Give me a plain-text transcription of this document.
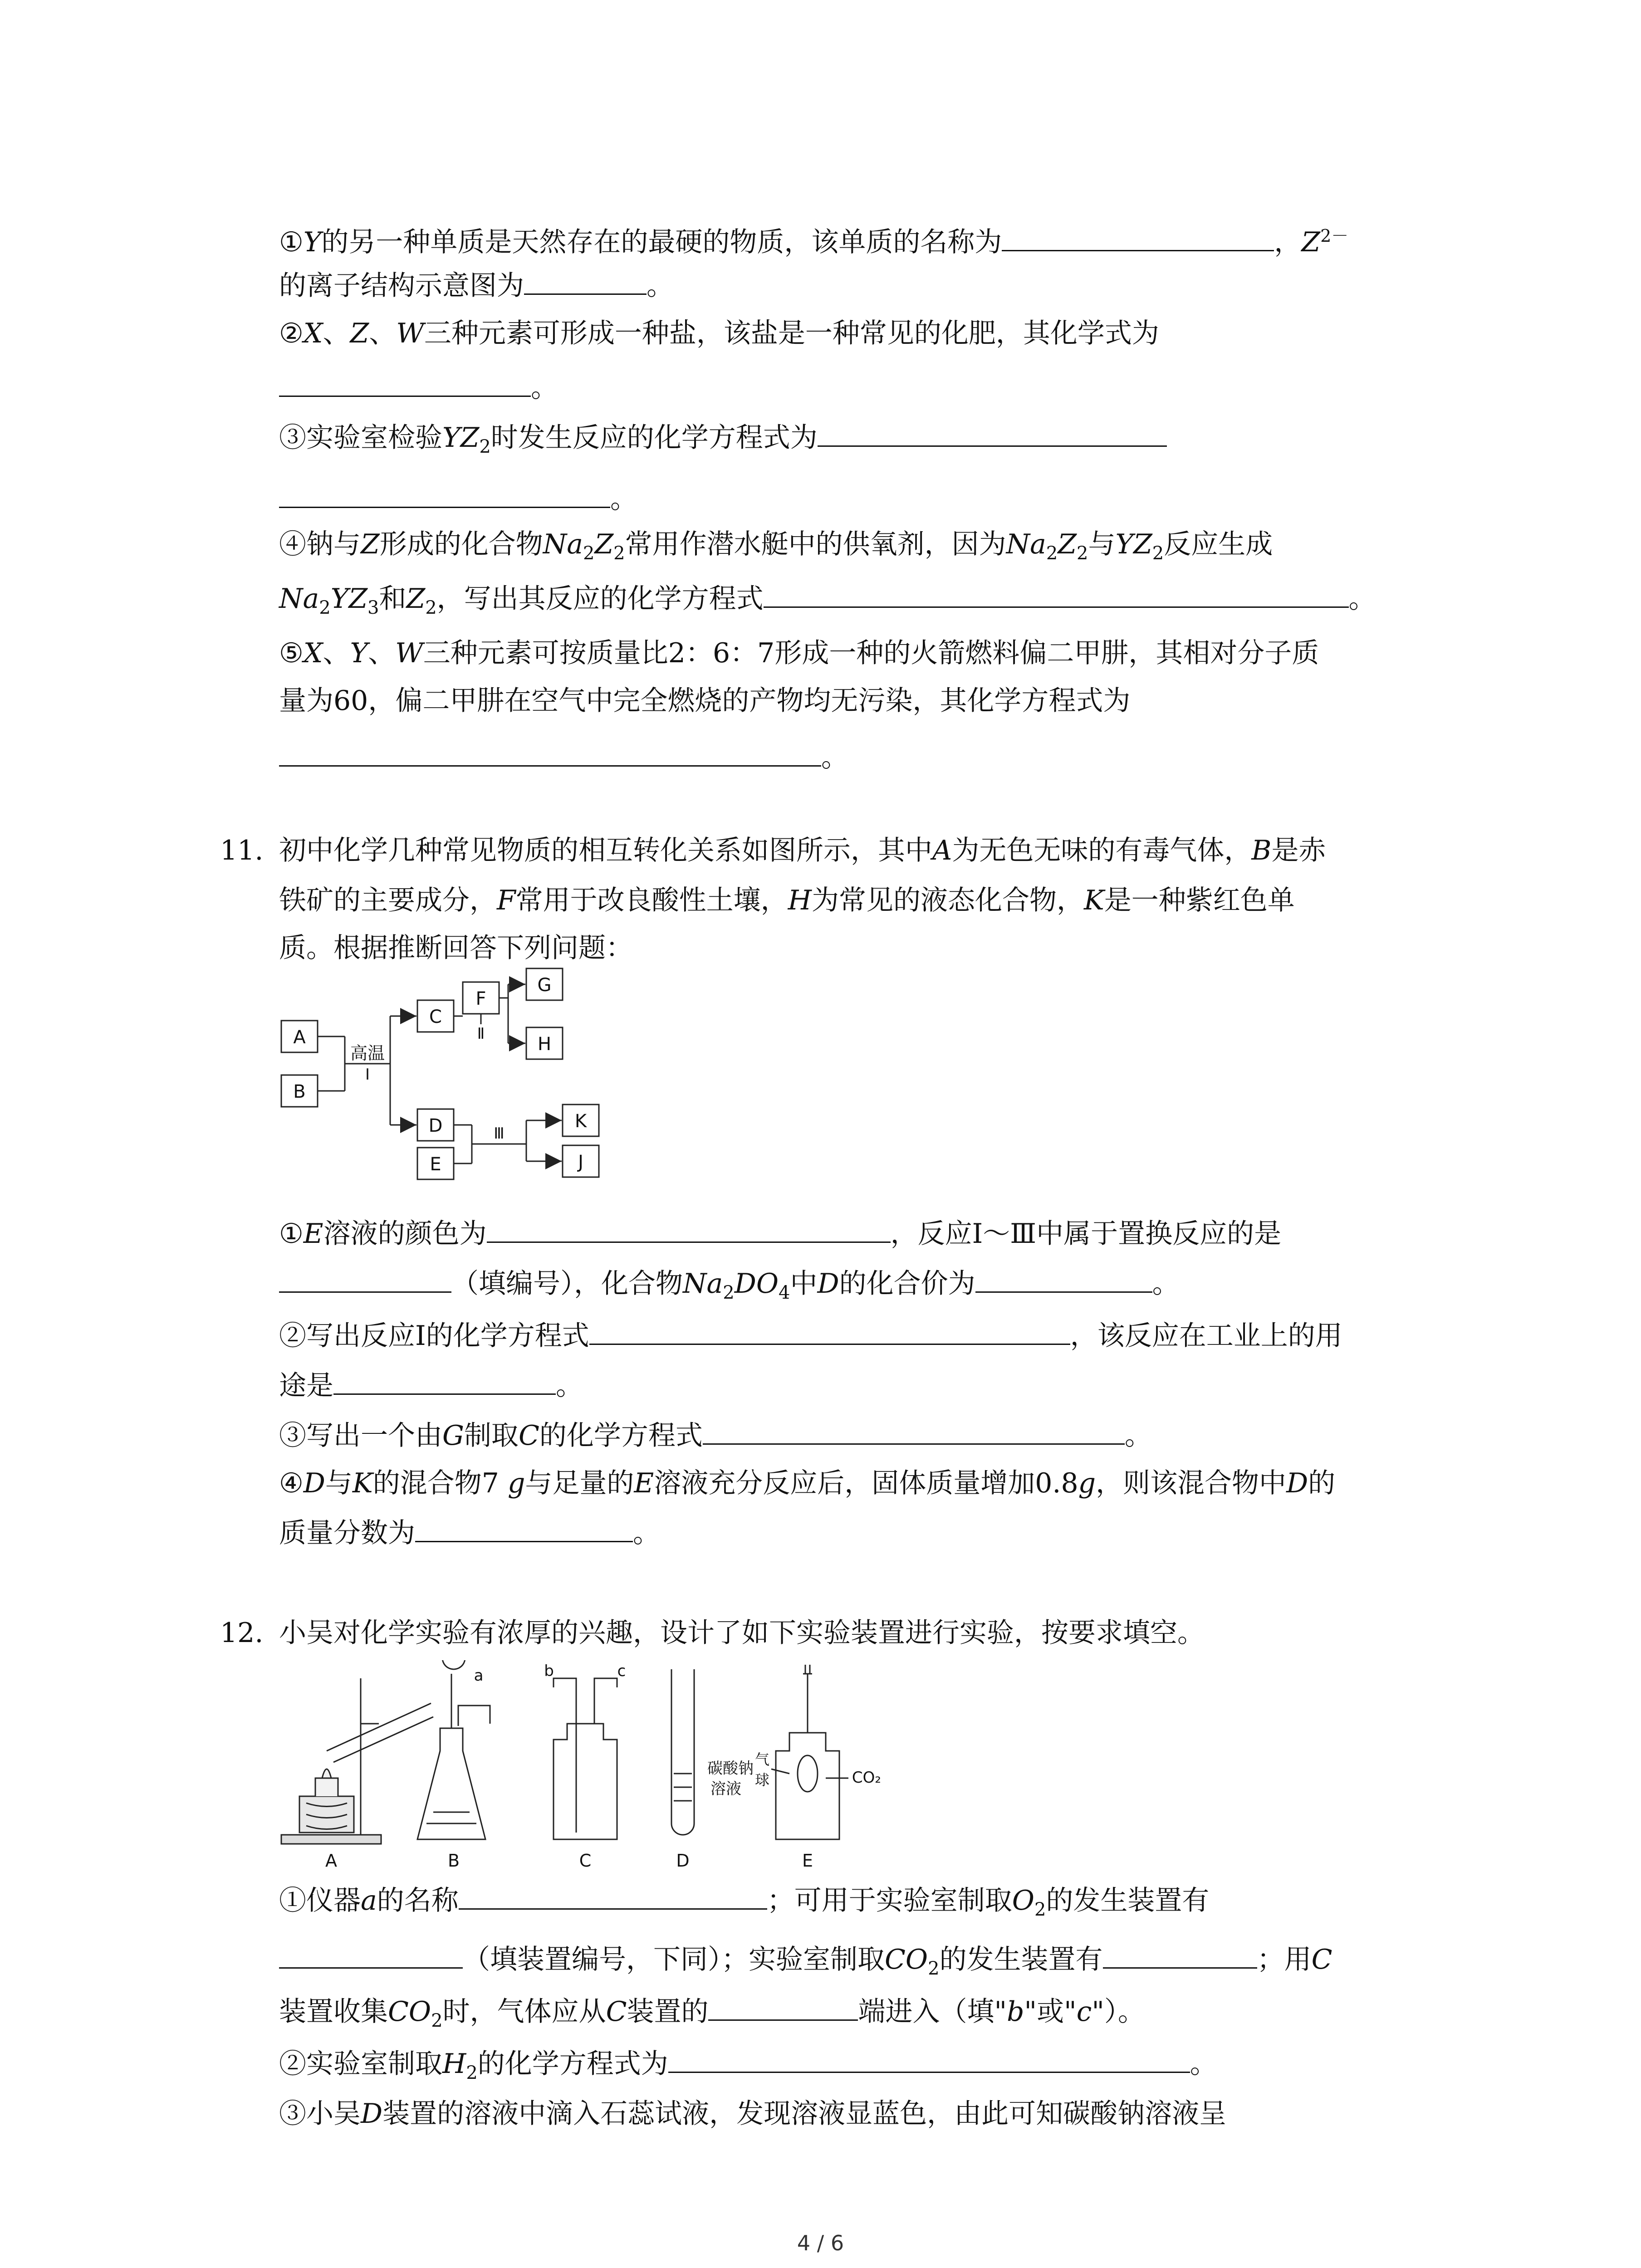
①Y的另一种单质是天然存在的最硬的物质，该单质的名称为	，$Z^{2-}$
的离子结构示意图为	。
②X、Z、W三种元素可形成一种盐，该盐是一种常见的化肥，其化学式为
。
③实验室检验$YZ_2$时发生反应的化学方程式为
。
④钠与Z形成的化合物$Na_2Z_2$常用作潜水艇中的供氧剂，因为$Na_2Z_2$与$YZ_2$反应生成
$Na_2YZ_3$和$Z_2$，写出其反应的化学方程式	。
⑤X、Y、W三种元素可按质量比2：6：7形成一种的火箭燃料偏二甲肼，其相对分子质
量为60，偏二甲肼在空气中完全燃烧的产物均无污染，其化学方程式为
。
11. 初中化学几种常见物质的相互转化关系如图所示，其中A为无色无味的有毒气体，B是赤
铁矿的主要成分，F常用于改良酸性土壤，H为常见的液态化合物，K是一种紫红色单
质。根据推断回答下列问题：
A
B
C
F
G
H
D
E
K
J
高温
Ⅰ
Ⅱ
Ⅲ
①E溶液的颜色为	，反应Ⅰ～Ⅲ中属于置换反应的是
（填编号），化合物$Na_2DO_4$中D的化合价为	。
②写出反应Ⅰ的化学方程式	，该反应在工业上的用
途是	。
③写出一个由G制取C的化学方程式	。
④D与K的混合物7 g与足量的E溶液充分反应后，固体质量增加0.8g，则该混合物中D的
质量分数为	。
12. 小吴对化学实验有浓厚的兴趣，设计了如下实验装置进行实验，按要求填空。
A	B	C	D	E
a	b	c
碳酸钠
溶液
气
球	CO₂
①仪器a的名称	；可用于实验室制取$O_2$的发生装置有
（填装置编号，下同）；实验室制取$CO_2$的发生装置有	；用C
装置收集$CO_2$时，气体应从C装置的	端进入（填"b"或"c"）。
②实验室制取$H_2$的化学方程式为	。
③小吴D装置的溶液中滴入石蕊试液，发现溶液显蓝色，由此可知碳酸钠溶液呈
4 / 6
